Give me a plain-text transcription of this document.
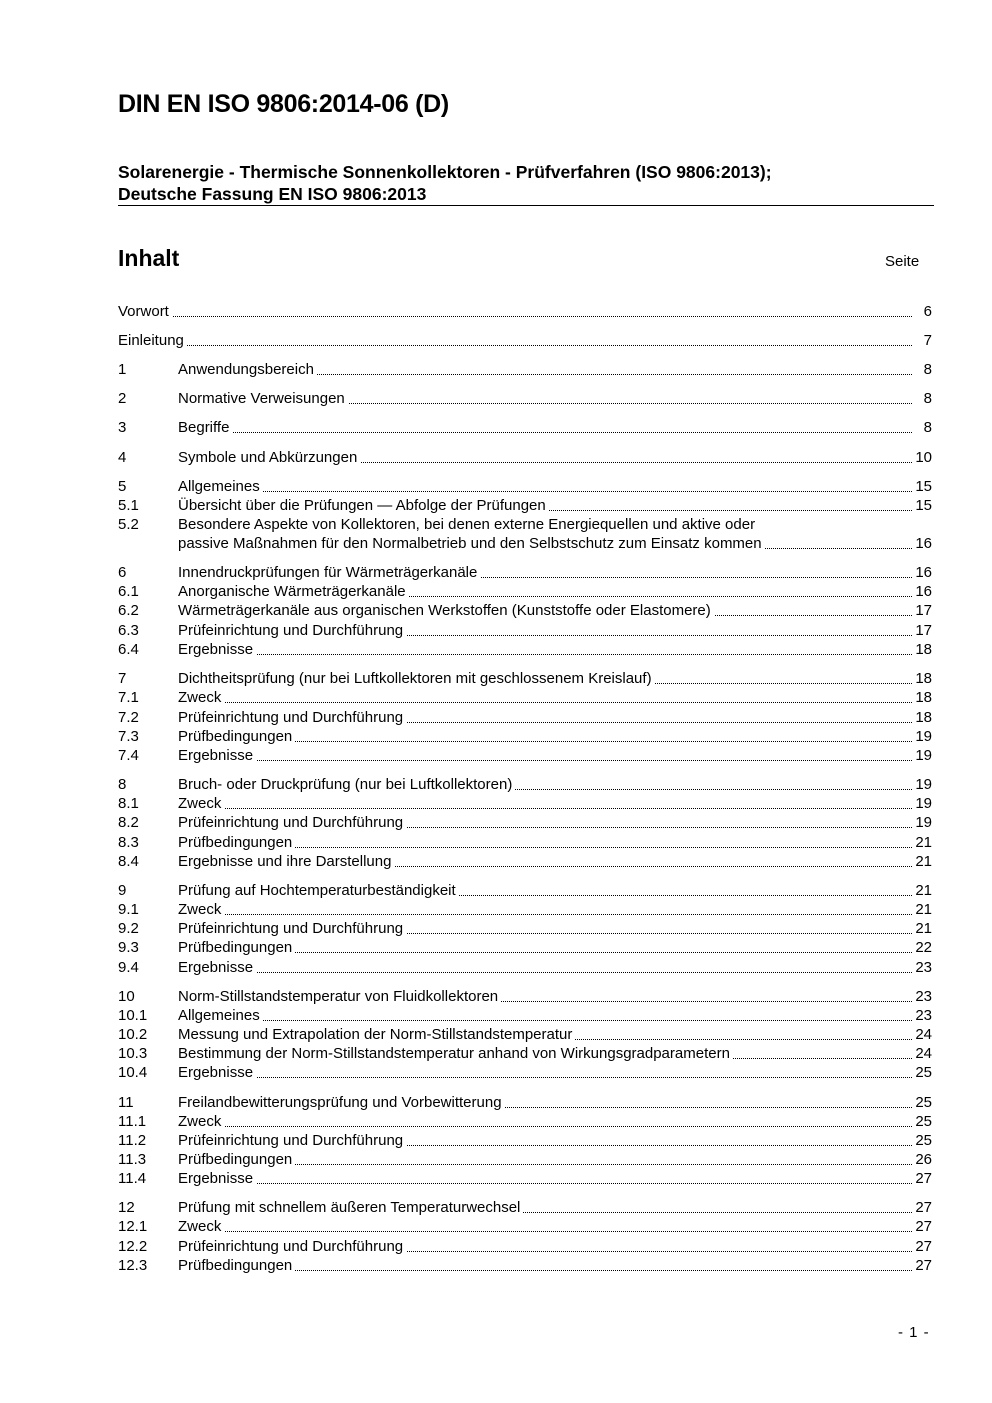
DIN EN ISO 9806:2014-06 (D)
Solarenergie - Thermische Sonnenkollektoren - Prüfverfahren (ISO 9806:2013);
Deutsche Fassung EN ISO 9806:2013
Inhalt	Seite
Vorwort	6
Einleitung	7
1	Anwendungsbereich	8
2	Normative Verweisungen	8
3	Begriffe	8
4	Symbole und Abkürzungen	10
5	Allgemeines	15
5.1	Übersicht über die Prüfungen — Abfolge der Prüfungen	15
5.2	Besondere Aspekte von Kollektoren, bei denen externe Energiequellen und aktive oder
passive Maßnahmen für den Normalbetrieb und den Selbstschutz zum Einsatz kommen	16
6	Innendruckprüfungen für Wärmeträgerkanäle	16
6.1	Anorganische Wärmeträgerkanäle	16
6.2	Wärmeträgerkanäle aus organischen Werkstoffen (Kunststoffe oder Elastomere)	17
6.3	Prüfeinrichtung und Durchführung	17
6.4	Ergebnisse	18
7	Dichtheitsprüfung (nur bei Luftkollektoren mit geschlossenem Kreislauf)	18
7.1	Zweck	18
7.2	Prüfeinrichtung und Durchführung	18
7.3	Prüfbedingungen	19
7.4	Ergebnisse	19
8	Bruch- oder Druckprüfung (nur bei Luftkollektoren)	19
8.1	Zweck	19
8.2	Prüfeinrichtung und Durchführung	19
8.3	Prüfbedingungen	21
8.4	Ergebnisse und ihre Darstellung	21
9	Prüfung auf Hochtemperaturbeständigkeit	21
9.1	Zweck	21
9.2	Prüfeinrichtung und Durchführung	21
9.3	Prüfbedingungen	22
9.4	Ergebnisse	23
10	Norm-Stillstandstemperatur von Fluidkollektoren	23
10.1 Allgemeines	23
10.2 Messung und Extrapolation der Norm-Stillstandstemperatur	24
10.3 Bestimmung der Norm-Stillstandstemperatur anhand von Wirkungsgradparametern	24
10.4 Ergebnisse	25
11	Freilandbewitterungsprüfung und Vorbewitterung	25
11.1 Zweck	25
11.2 Prüfeinrichtung und Durchführung	25
11.3 Prüfbedingungen	26
11.4 Ergebnisse	27
12	Prüfung mit schnellem äußeren Temperaturwechsel	27
12.1 Zweck	27
12.2 Prüfeinrichtung und Durchführung	27
12.3 Prüfbedingungen	27
- 1 -
